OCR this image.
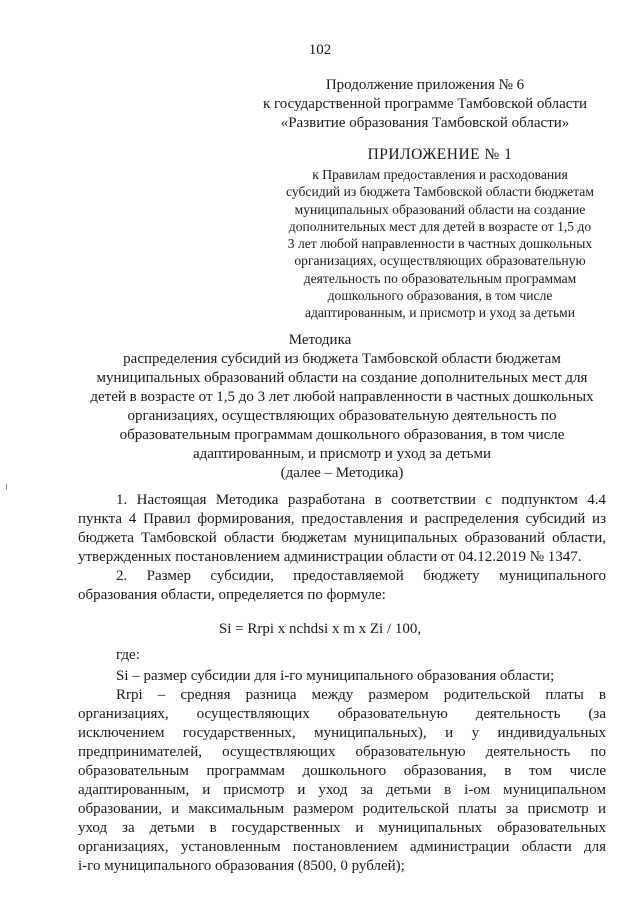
102
Продолжение приложения № 6
к государственной программе Тамбовской области
«Развитие образования Тамбовской области»
ПРИЛОЖЕНИЕ № 1
к Правилам предоставления и расходования
субсидий из бюджета Тамбовской области бюджетам
муниципальных образований области на создание
дополнительных мест для детей в возрасте от 1,5 до
3 лет любой направленности в частных дошкольных
организациях, осуществляющих образовательную
деятельность по образовательным программам
дошкольного образования, в том числе
адаптированным, и присмотр и уход за детьми
Методика
распределения субсидий из бюджета Тамбовской области бюджетам
муниципальных образований области на создание дополнительных мест для
детей в возрасте от 1,5 до 3 лет любой направленности в частных дошкольных
организациях, осуществляющих образовательную деятельность по
образовательным программам дошкольного образования, в том числе
адаптированным, и присмотр и уход за детьми
(далее – Методика)
1. Настоящая Методика разработана в соответствии с подпунктом 4.4
пункта 4 Правил формирования, предоставления и распределения субсидий из
бюджета Тамбовской области бюджетам муниципальных образований области,
утвержденных постановлением администрации области от 04.12.2019 № 1347.
2. Размер субсидии, предоставляемой бюджету муниципального
образования области, определяется по формуле:
Si = Rrpi x nchdsi x m x Zi / 100,
где:
Si – размер субсидии для i-го муниципального образования области;
Rrpi – средняя разница между размером родительской платы в
организациях, осуществляющих образовательную деятельность (за
исключением государственных, муниципальных), и у индивидуальных
предпринимателей, осуществляющих образовательную деятельность по
образовательным программам дошкольного образования, в том числе
адаптированным, и присмотр и уход за детьми в i-ом муниципальном
образовании, и максимальным размером родительской платы за присмотр и
уход за детьми в государственных и муниципальных образовательных
организациях, установленным постановлением администрации области для
i-го муниципального образования (8500, 0 рублей);
